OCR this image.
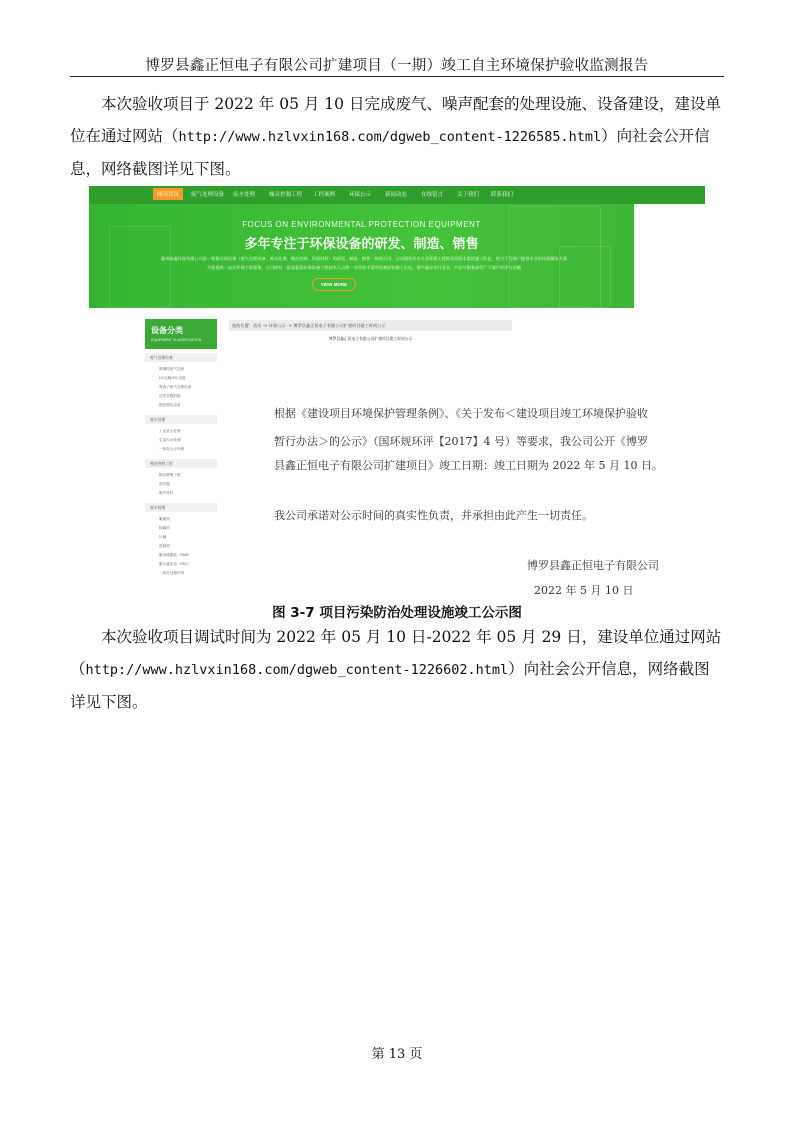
博罗县鑫正恒电子有限公司扩建项目（一期）竣工自主环境保护验收监测报告

本次验收项目于 2022 年 05 月 10 日完成废气、噪声配套的处理设施、设备建设，建设单

位在通过网站（http://www.hzlvxin168.com/dgweb_content-1226585.html）向社会公开信

息，网络截图详见下图。

网站首页	废气处理设备 废水处理	噪音控制工程 工程案例	环保公示	新闻动态	在线留言	关于我们 联系我们
FOCUS ON ENVIRONMENTAL PROTECTION EQUIPMENT
多年专注于环保设备的研发、制造、销售
惠州绿鑫环保有限公司是一家集环保设备（废气处理设备、废水处理、噪音控制、环保材料）的研发、制造、销售一体的公司，公司拥有多名专业环保工程师及经验丰富的施工队伍，致力于为客户提供专业的环保解决方案
为您提供一站式环保工程服务，公司拥有一批高素质环保设备工程技术人员和一支经验丰富的设备安装施工队伍，客户遍布各行各业，产品与服务深受广大客户好评与信赖
VIEW MORE
设备分类
EQUIPMENT CLASSIFICATION
废气处理设备
喷淋塔废气处理
UV光解净化设备
等离子废气处理设备
活性炭吸附箱
催化燃烧设备
废水处理
工业废水处理
生活污水处理
一体化污水处理
噪音控制工程
隔音降噪工程
消声器
吸声材料
废水药剂
絮凝剂
除磷剂
片碱
混凝剂
聚丙烯酰胺（PAM）
聚合氯化铝（PAC）
一体化处理药剂
您的位置：首页 -> 环保公示 -> 博罗县鑫正恒电子有限公司扩建项目竣工时间公示
博罗县鑫正恒电子有限公司扩建项目竣工时间公示
根据《建设项目环境保护管理条例》、《关于发布＜建设项目竣工环境保护验收
暂行办法＞的公示》（国环规环评【2017】4 号）等要求，我公司公开《博罗
县鑫正恒电子有限公司扩建项目》竣工日期：竣工日期为 2022 年 5 月 10 日。
我公司承诺对公示时间的真实性负责，并承担由此产生一切责任。
博罗县鑫正恒电子有限公司
2022 年 5 月 10 日
图 3-7 项目污染防治处理设施竣工公示图

本次验收项目调试时间为 2022 年 05 月 10 日-2022 年 05 月 29 日，建设单位通过网站

（http://www.hzlvxin168.com/dgweb_content-1226602.html）向社会公开信息，网络截图

详见下图。

第 13 页
